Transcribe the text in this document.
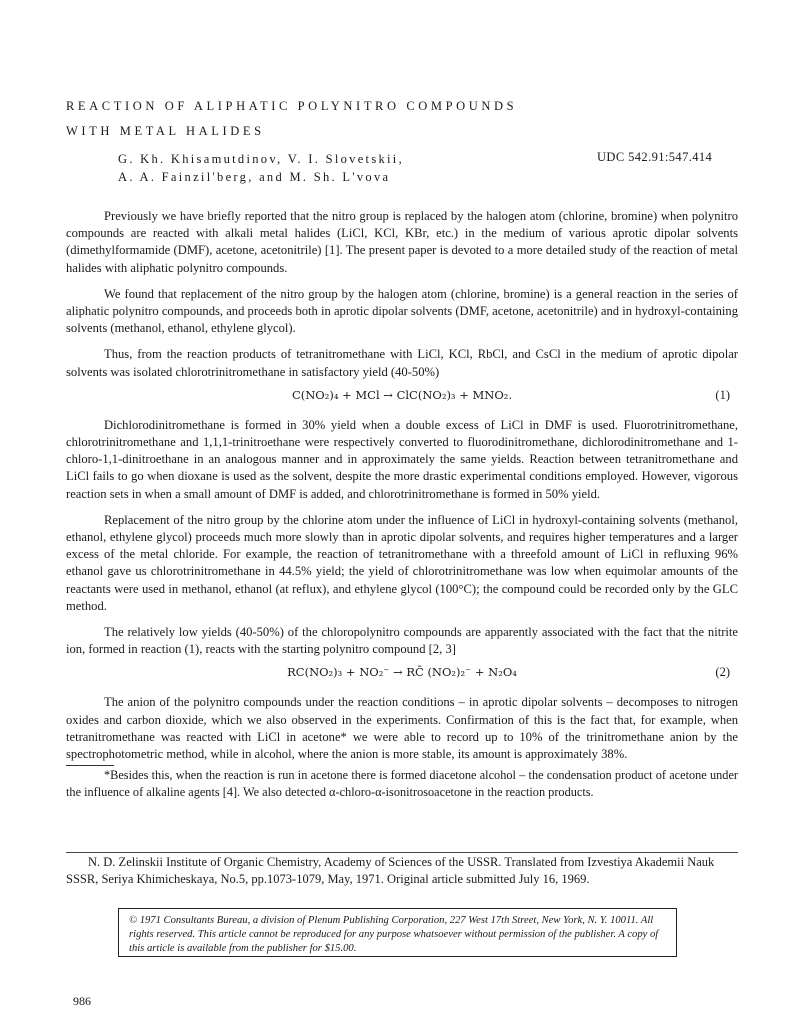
REACTION OF ALIPHATIC POLYNITRO COMPOUNDS
WITH METAL HALIDES
G. Kh. Khisamutdinov, V. I. Slovetskii,
A. A. Fainzil'berg, and M. Sh. L'vova
UDC 542.91:547.414

Previously we have briefly reported that the nitro group is replaced by the halogen atom (chlorine, bromine) when polynitro compounds are reacted with alkali metal halides (LiCl, KCl, KBr, etc.) in the medium of various aprotic dipolar solvents (dimethylformamide (DMF), acetone, acetonitrile) [1]. The present paper is devoted to a more detailed study of the reaction of metal halides with aliphatic polynitro compounds.

We found that replacement of the nitro group by the halogen atom (chlorine, bromine) is a general reaction in the series of aliphatic polynitro compounds, and proceeds both in aprotic dipolar solvents (DMF, acetone, acetonitrile) and in hydroxyl-containing solvents (methanol, ethanol, ethylene glycol).

Thus, from the reaction products of tetranitromethane with LiCl, KCl, RbCl, and CsCl in the medium of aprotic dipolar solvents was isolated chlorotrinitromethane in satisfactory yield (40-50%)

C(NO₂)₄ + MCl → ClC(NO₂)₃ + MNO₂.	(1)

Dichlorodinitromethane is formed in 30% yield when a double excess of LiCl in DMF is used. Fluorotrinitromethane, chlorotrinitromethane and 1,1,1-trinitroethane were respectively converted to fluorodinitromethane, dichlorodinitromethane and 1-chloro-1,1-dinitroethane in an analogous manner and in approximately the same yields. Reaction between tetranitromethane and LiCl fails to go when dioxane is used as the solvent, despite the more drastic experimental conditions employed. However, vigorous reaction sets in when a small amount of DMF is added, and chlorotrinitromethane is formed in 50% yield.

Replacement of the nitro group by the chlorine atom under the influence of LiCl in hydroxyl-containing solvents (methanol, ethanol, ethylene glycol) proceeds much more slowly than in aprotic dipolar solvents, and requires higher temperatures and a larger excess of the metal chloride. For example, the reaction of tetranitromethane with a threefold amount of LiCl in refluxing 96% ethanol gave us chlorotrinitromethane in 44.5% yield; the yield of chlorotrinitromethane was low when equimolar amounts of the reactants were used in methanol, ethanol (at reflux), and ethylene glycol (100°C); the compound could be recorded only by the GLC method.

The relatively low yields (40-50%) of the chloropolynitro compounds are apparently associated with the fact that the nitrite ion, formed in reaction (1), reacts with the starting polynitro compound [2, 3]

RC(NO₂)₃ + NO₂⁻ → RC̄ (NO₂)₂⁻ + N₂O₄	(2)

The anion of the polynitro compounds under the reaction conditions – in aprotic dipolar solvents – decomposes to nitrogen oxides and carbon dioxide, which we also observed in the experiments. Confirmation of this is the fact that, for example, when tetranitromethane was reacted with LiCl in acetone* we were able to record up to 10% of the trinitromethane anion by the spectrophotometric method, while in alcohol, where the anion is more stable, its amount is approximately 38%.

*Besides this, when the reaction is run in acetone there is formed diacetone alcohol – the condensation product of acetone under the influence of alkaline agents [4]. We also detected α-chloro-α-isonitrosoacetone in the reaction products.

N. D. Zelinskii Institute of Organic Chemistry, Academy of Sciences of the USSR. Translated from Izvestiya Akademii Nauk SSSR, Seriya Khimicheskaya, No.5, pp.1073-1079, May, 1971. Original article submitted July 16, 1969.
© 1971 Consultants Bureau, a division of Plenum Publishing Corporation, 227 West 17th Street, New York, N. Y. 10011. All rights reserved. This article cannot be reproduced for any purpose whatsoever without permission of the publisher. A copy of this article is available from the publisher for $15.00.
986
